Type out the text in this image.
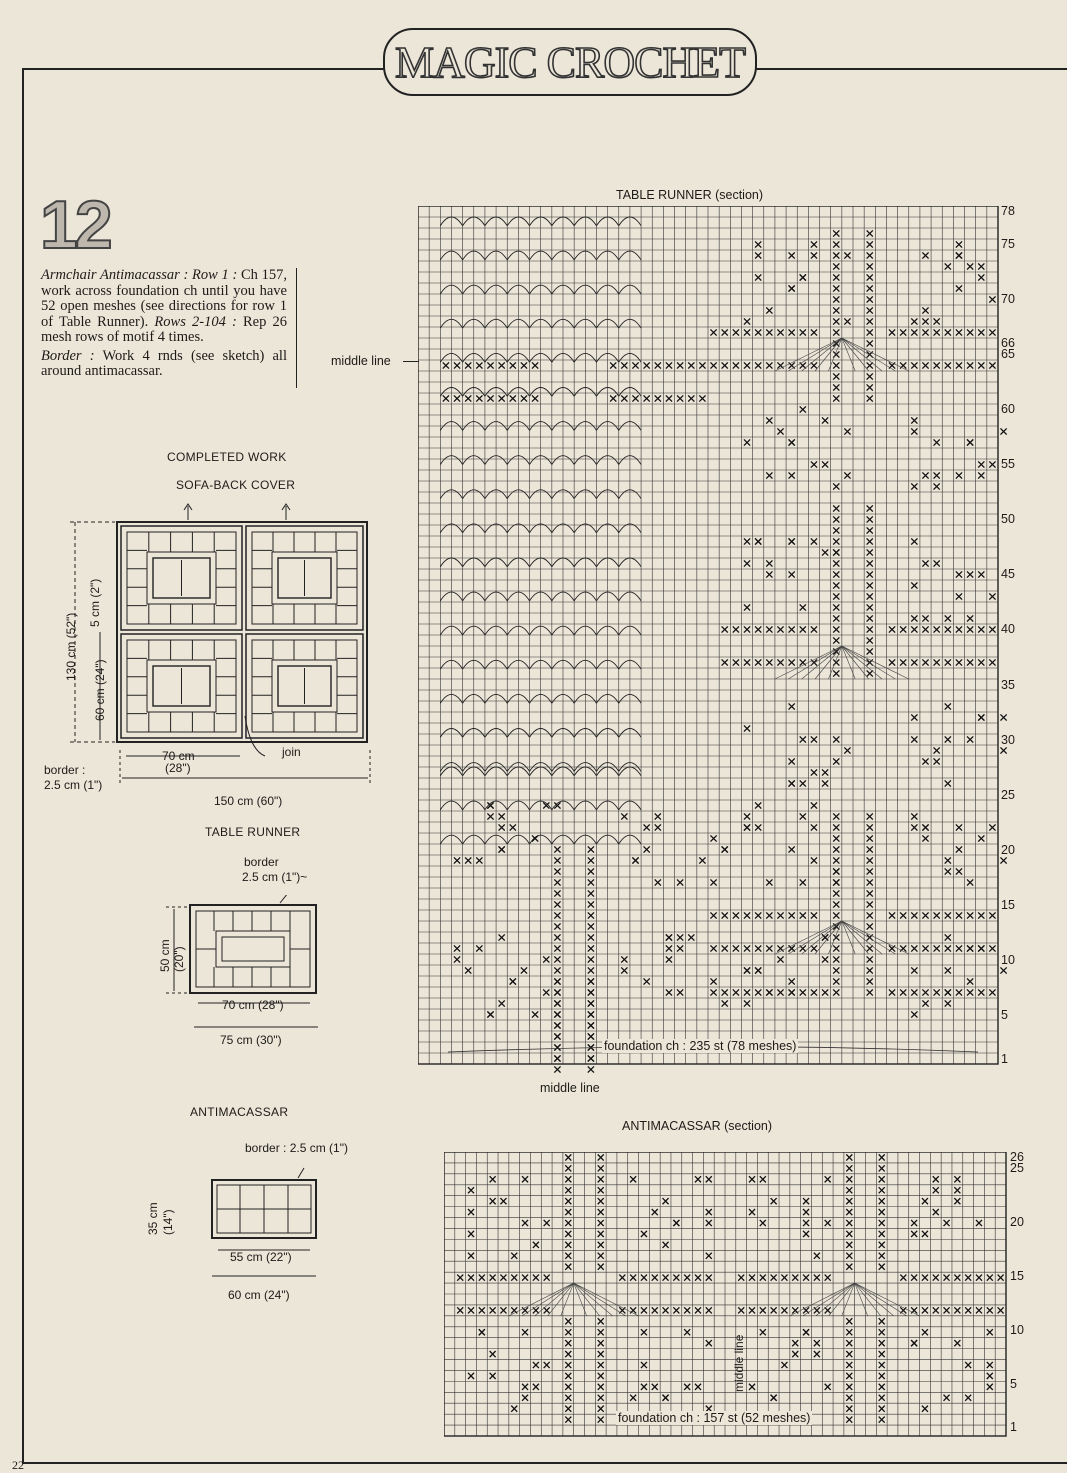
MAGIC CROCHET
12

Armchair Antimacassar : Row 1 : Ch 157, work across foundation ch until you have 52 open meshes (see directions for row 1 of Table Runner). Rows 2-104 : Rep 26 mesh rows of motif 4 times.

Border : Work 4 rnds (see sketch) all around antimacassar.

COMPLETED WORK
SOFA-BACK COVER
130 cm (52")
5 cm (2")
60 cm (24")
70 cm
(28")
join
border :
2.5 cm (1")
150 cm (60")
TABLE RUNNER
border
2.5 cm (1")~
50 cm (20")
70 cm (28")
75 cm (30")
ANTIMACASSAR
border : 2.5 cm (1")
35 cm (14")
55 cm (22")
60 cm (24")
TABLE RUNNER (section)
middle line
middle line
foundation ch : 235 st (78 meshes)
78
75
70
66
65
60
55
50
45
40
35
30
25
20
15
10
5
1
ANTIMACASSAR (section)
foundation ch : 157 st (52 meshes)
middle line
26
25
20
15
10
5
1
22
